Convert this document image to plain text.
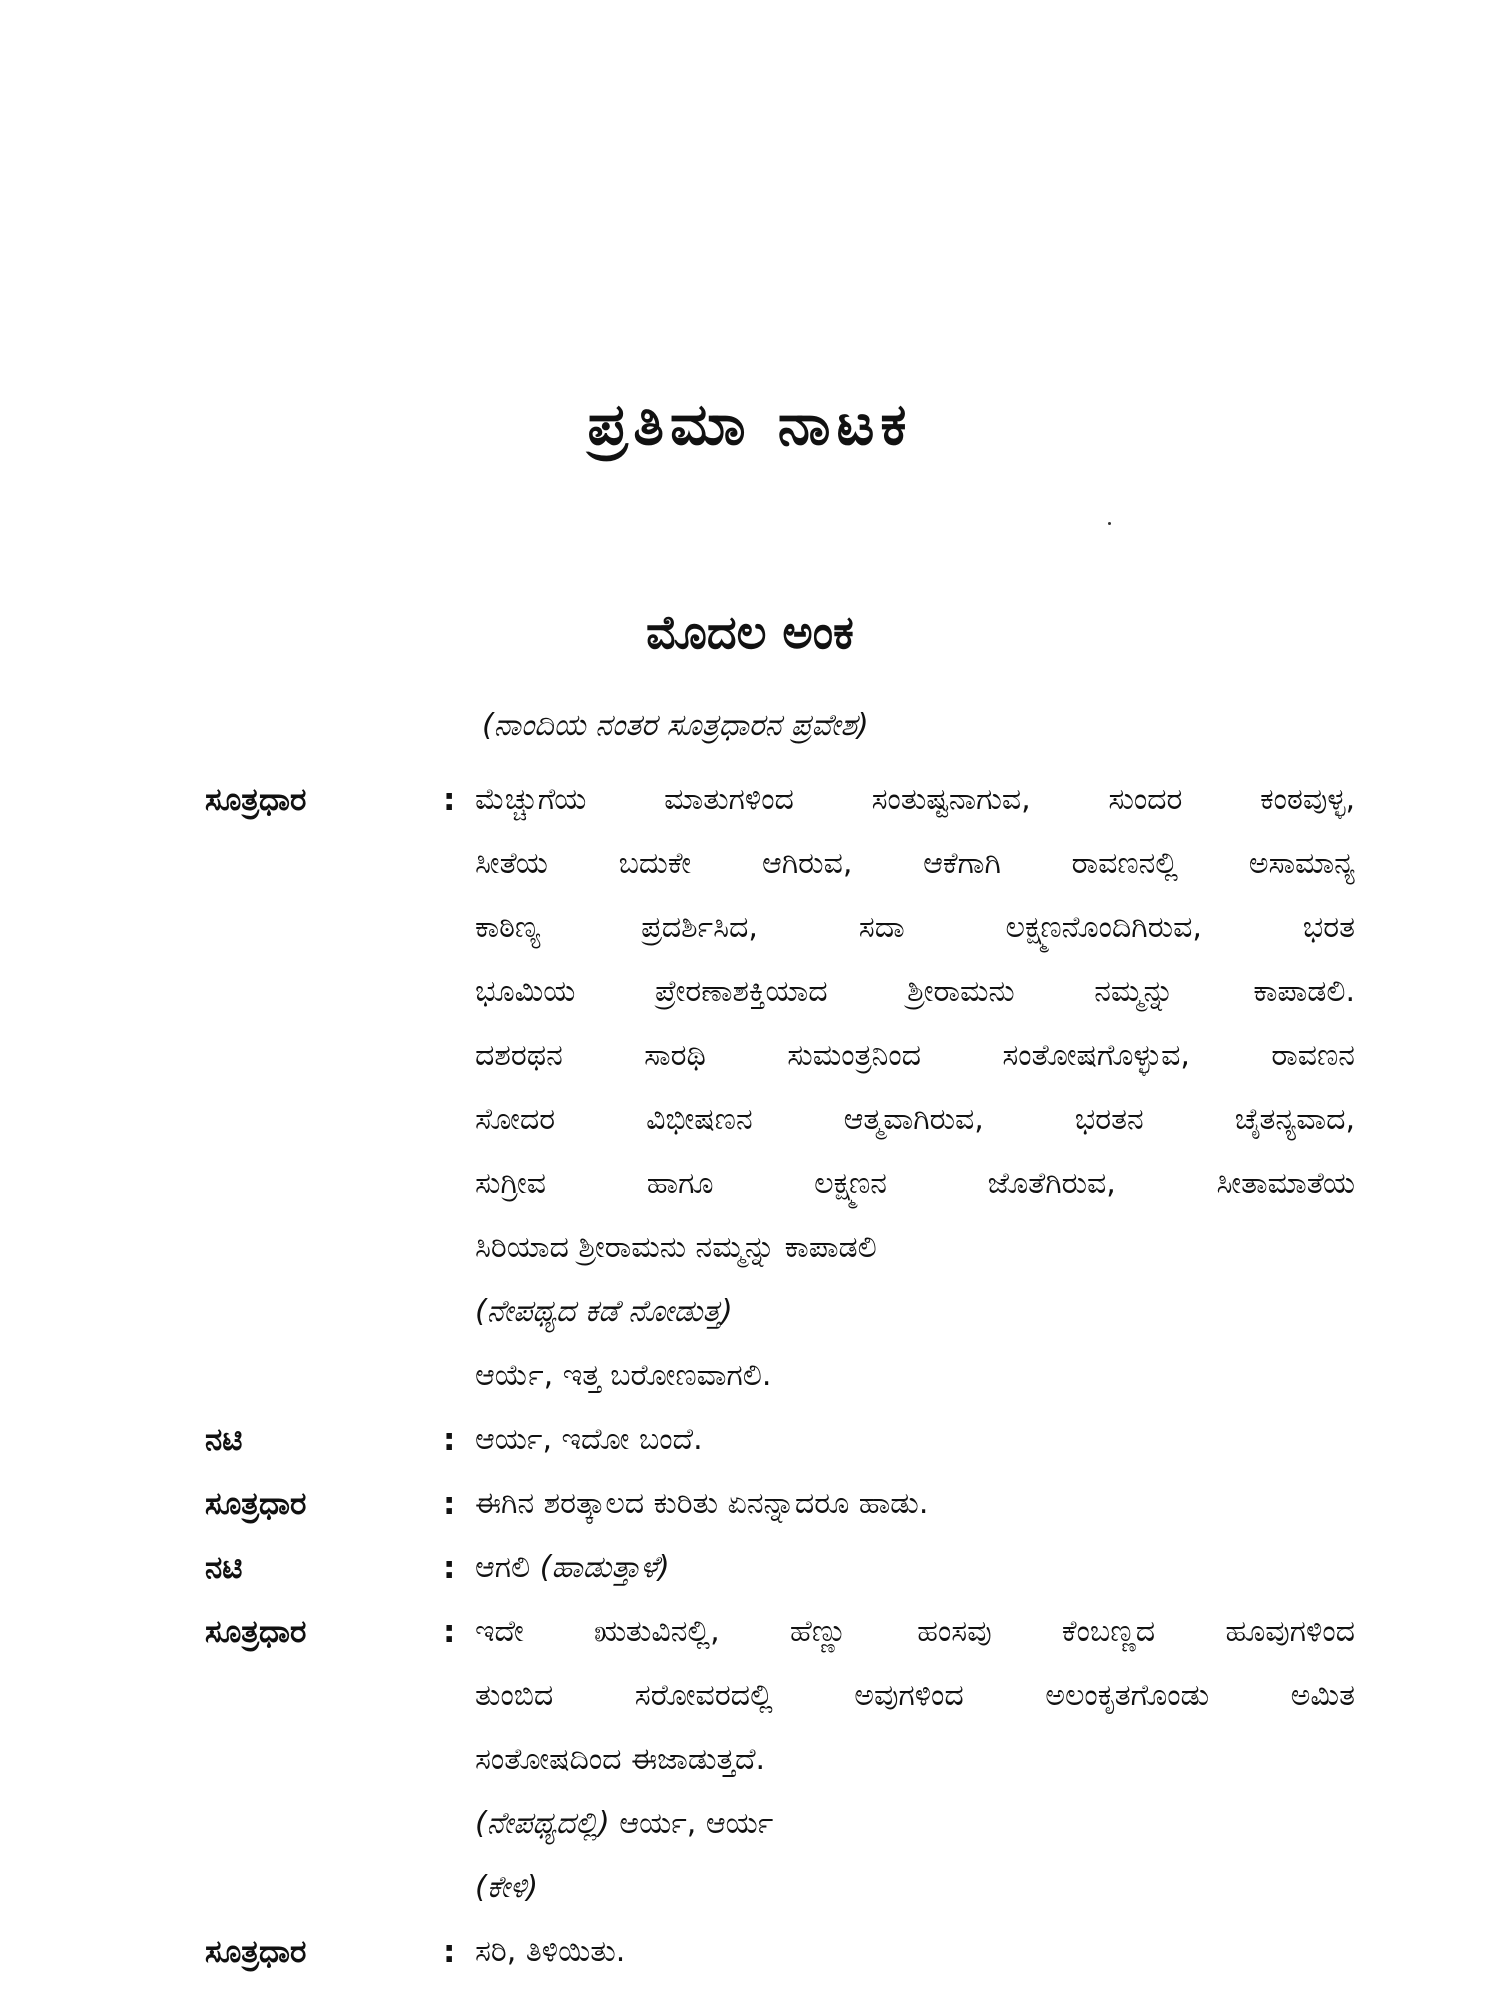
ಪ್ರತಿಮಾ ನಾಟಕ
ಮೊದಲ ಅಂಕ
(ನಾಂದಿಯ ನಂತರ ಸೂತ್ರಧಾರನ ಪ್ರವೇಶ)
ಸೂತ್ರಧಾರ	: ಮೆಚ್ಚುಗೆಯ ಮಾತುಗಳಿಂದ ಸಂತುಷ್ಟನಾಗುವ, ಸುಂದರ ಕಂಠವುಳ್ಳ,
ಸೀತೆಯ ಬದುಕೇ ಆಗಿರುವ, ಆಕೆಗಾಗಿ ರಾವಣನಲ್ಲಿ ಅಸಾಮಾನ್ಯ
ಕಾಠಿಣ್ಯ ಪ್ರದರ್ಶಿಸಿದ, ಸದಾ ಲಕ್ಷ್ಮಣನೊಂದಿಗಿರುವ, ಭರತ
ಭೂಮಿಯ ಪ್ರೇರಣಾಶಕ್ತಿಯಾದ ಶ್ರೀರಾಮನು ನಮ್ಮನ್ನು ಕಾಪಾಡಲಿ.
ದಶರಥನ ಸಾರಥಿ ಸುಮಂತ್ರನಿಂದ ಸಂತೋಷಗೊಳ್ಳುವ, ರಾವಣನ
ಸೋದರ ವಿಭೀಷಣನ ಆತ್ಮವಾಗಿರುವ, ಭರತನ ಚೈತನ್ಯವಾದ,
ಸುಗ್ರೀವ ಹಾಗೂ ಲಕ್ಷ್ಮಣನ ಜೊತೆಗಿರುವ, ಸೀತಾಮಾತೆಯ
ಸಿರಿಯಾದ ಶ್ರೀರಾಮನು ನಮ್ಮನ್ನು ಕಾಪಾಡಲಿ
(ನೇಪಥ್ಯದ ಕಡೆ ನೋಡುತ್ತ)
ಆರ್ಯೆ, ಇತ್ತ ಬರೋಣವಾಗಲಿ.
ನಟಿ	: ಆರ್ಯ, ಇದೋ ಬಂದೆ.
ಸೂತ್ರಧಾರ	: ಈಗಿನ ಶರತ್ಕಾಲದ ಕುರಿತು ಏನನ್ನಾದರೂ ಹಾಡು.
ನಟಿ	: ಆಗಲಿ (ಹಾಡುತ್ತಾಳೆ)
ಸೂತ್ರಧಾರ	: ಇದೇ ಋತುವಿನಲ್ಲಿ, ಹೆಣ್ಣು ಹಂಸವು ಕೆಂಬಣ್ಣದ ಹೂವುಗಳಿಂದ
ತುಂಬಿದ ಸರೋವರದಲ್ಲಿ ಅವುಗಳಿಂದ ಅಲಂಕೃತಗೊಂಡು ಅಮಿತ
ಸಂತೋಷದಿಂದ ಈಜಾಡುತ್ತದೆ.
(ನೇಪಥ್ಯದಲ್ಲಿ) ಆರ್ಯ, ಆರ್ಯ
(ಕೇಳಿ)
ಸೂತ್ರಧಾರ	: ಸರಿ, ತಿಳಿಯಿತು.
